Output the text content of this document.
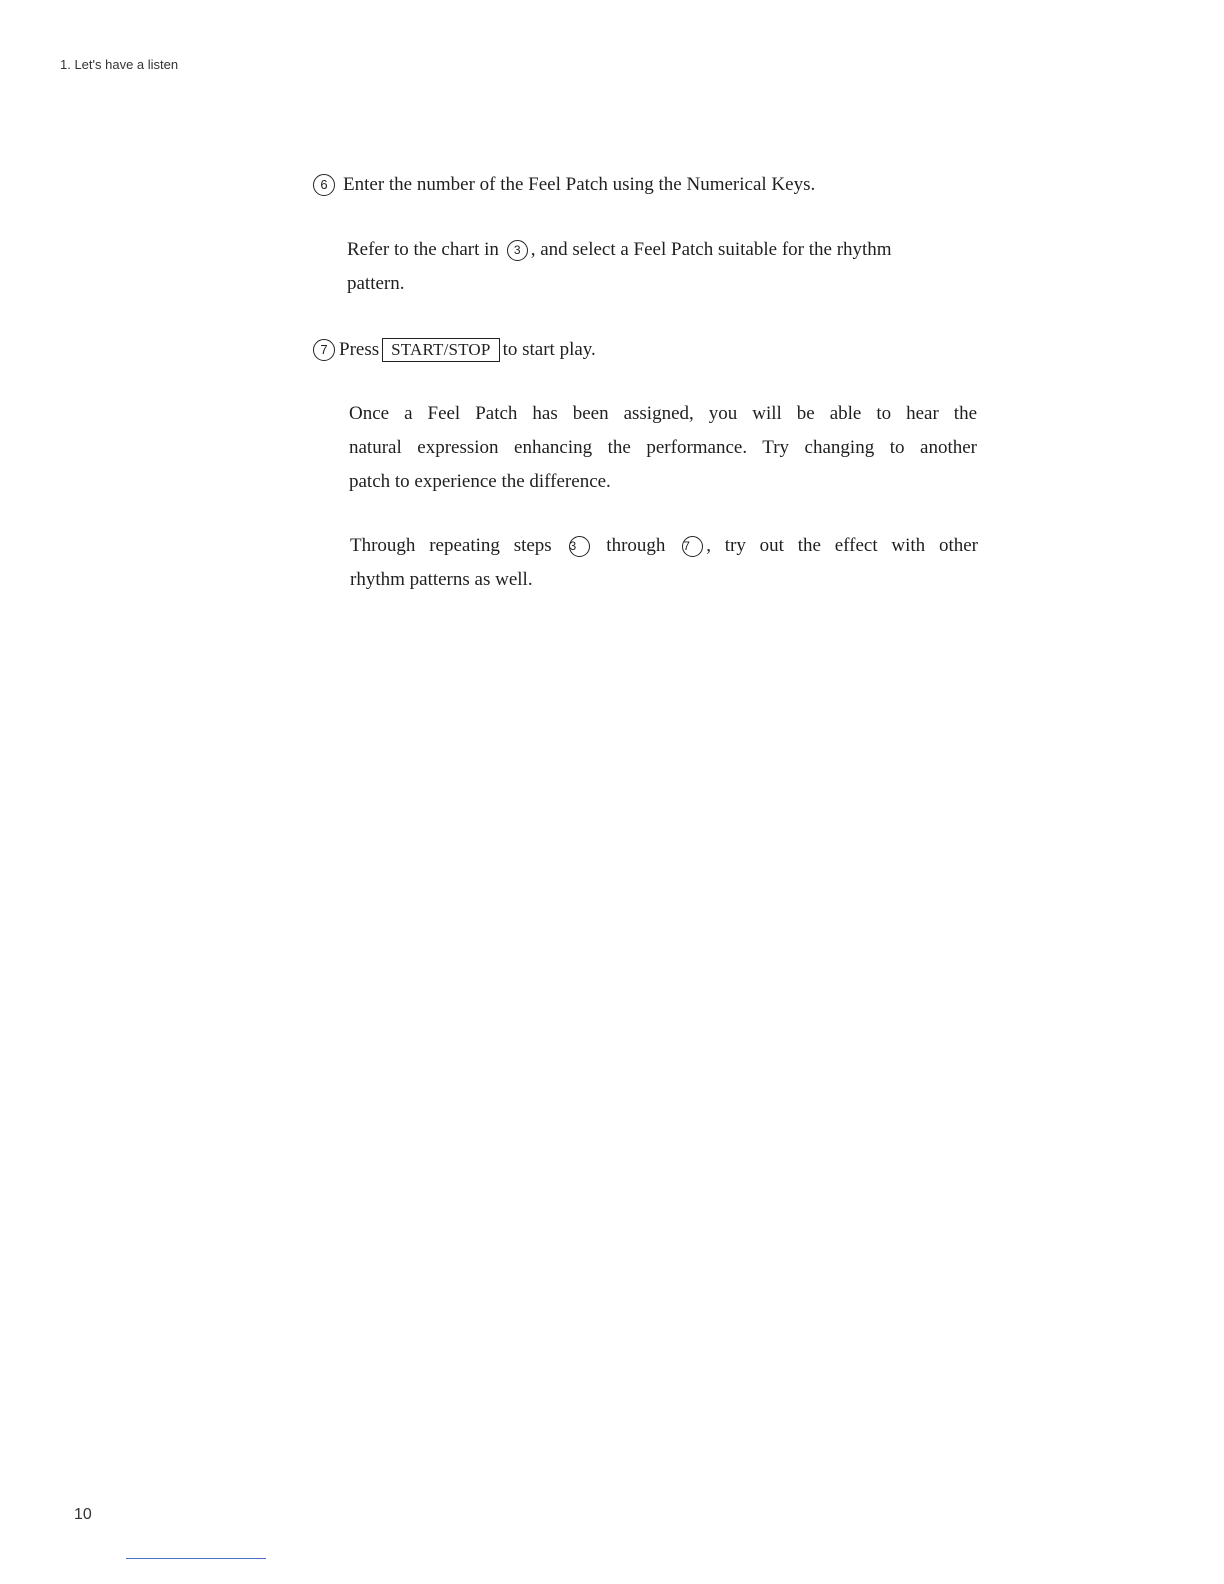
1. Let's have a listen
6 Enter the number of the Feel Patch using the Numerical Keys.
Refer to the chart in 3 , and select a Feel Patch suitable for the rhythm
pattern.
7 Press START/STOP to start play.
Once a Feel Patch has been assigned, you will be able to hear the
natural expression enhancing the performance. Try changing to another
patch to experience the difference.
Through repeating steps 3 through 7 , try out the effect with other
rhythm patterns as well.
10
